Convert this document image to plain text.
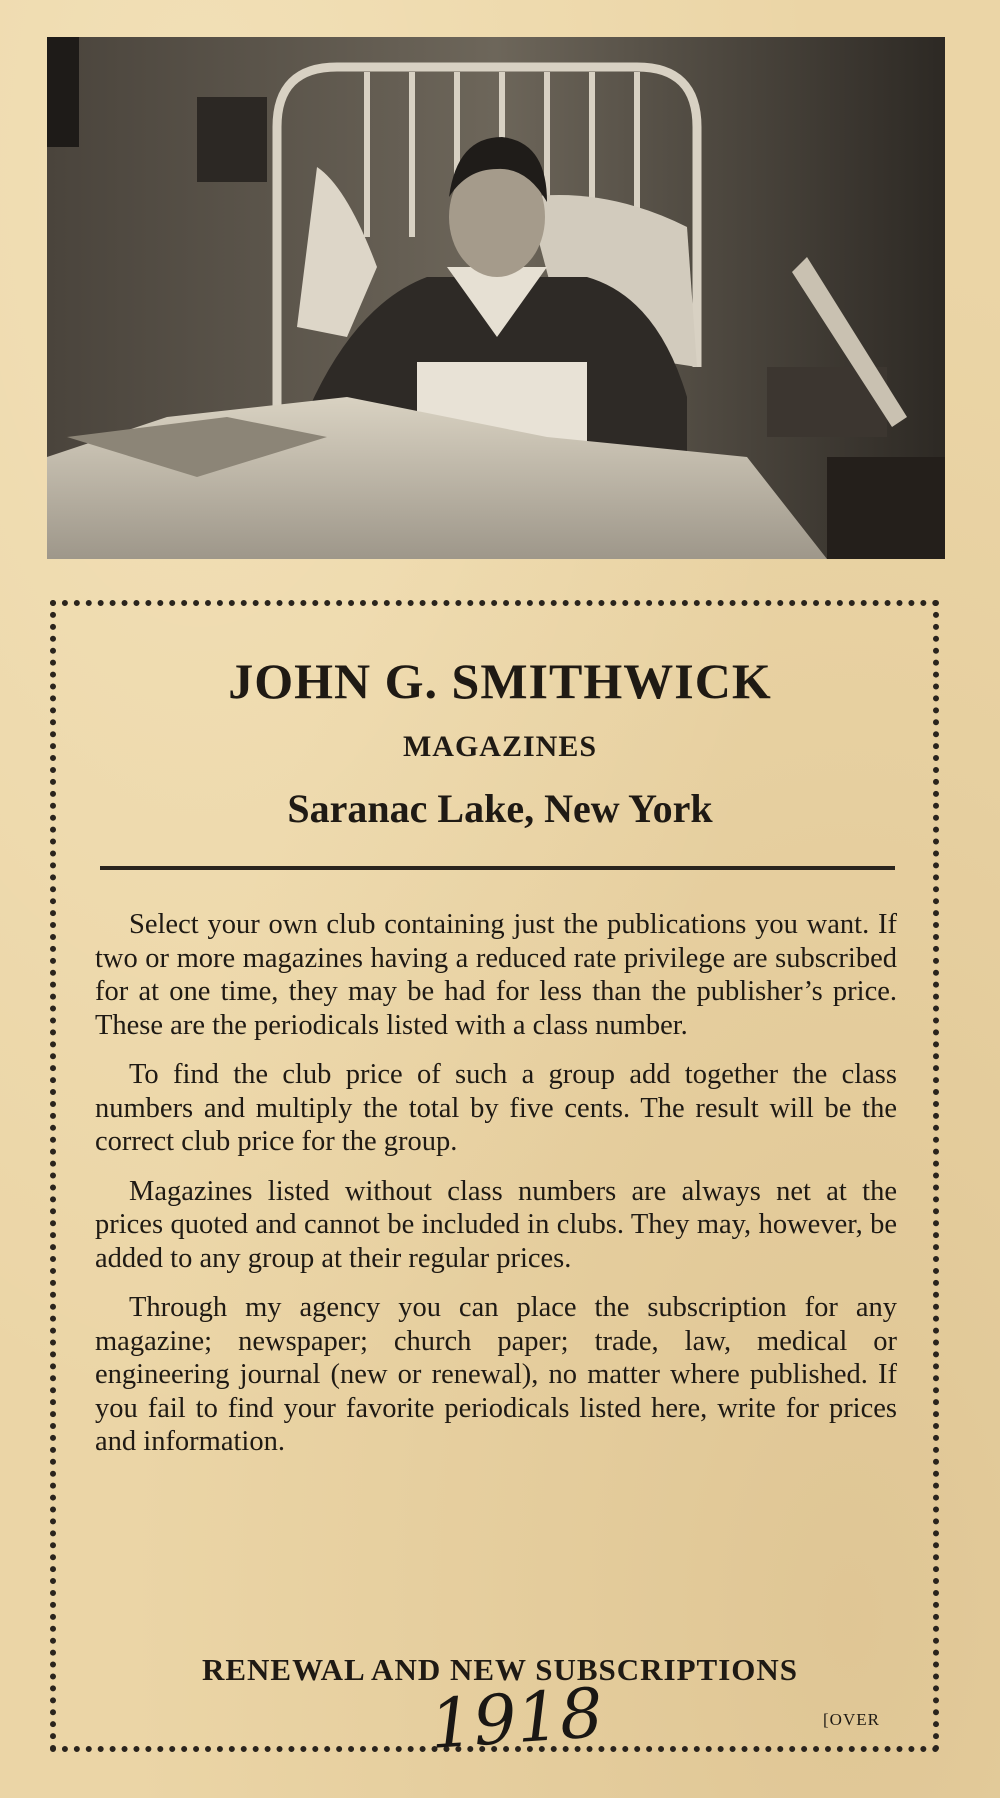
JOHN G. SMITHWICK
MAGAZINES
Saranac Lake, New York

Select your own club containing just the publications you want. If two or more magazines having a reduced rate privilege are subscribed for at one time, they may be had for less than the publisher’s price. These are the periodicals listed with a class number.

To find the club price of such a group add together the class numbers and multiply the total by five cents. The result will be the correct club price for the group.

Magazines listed without class numbers are always net at the prices quoted and cannot be included in clubs. They may, however, be added to any group at their regular prices.

Through my agency you can place the subscription for any magazine; newspaper; church paper; trade, law, medical or engineering journal (new or renewal), no matter where published. If you fail to find your favorite periodicals listed here, write for prices and information.

RENEWAL AND NEW SUBSCRIPTIONS
1918	[OVER
